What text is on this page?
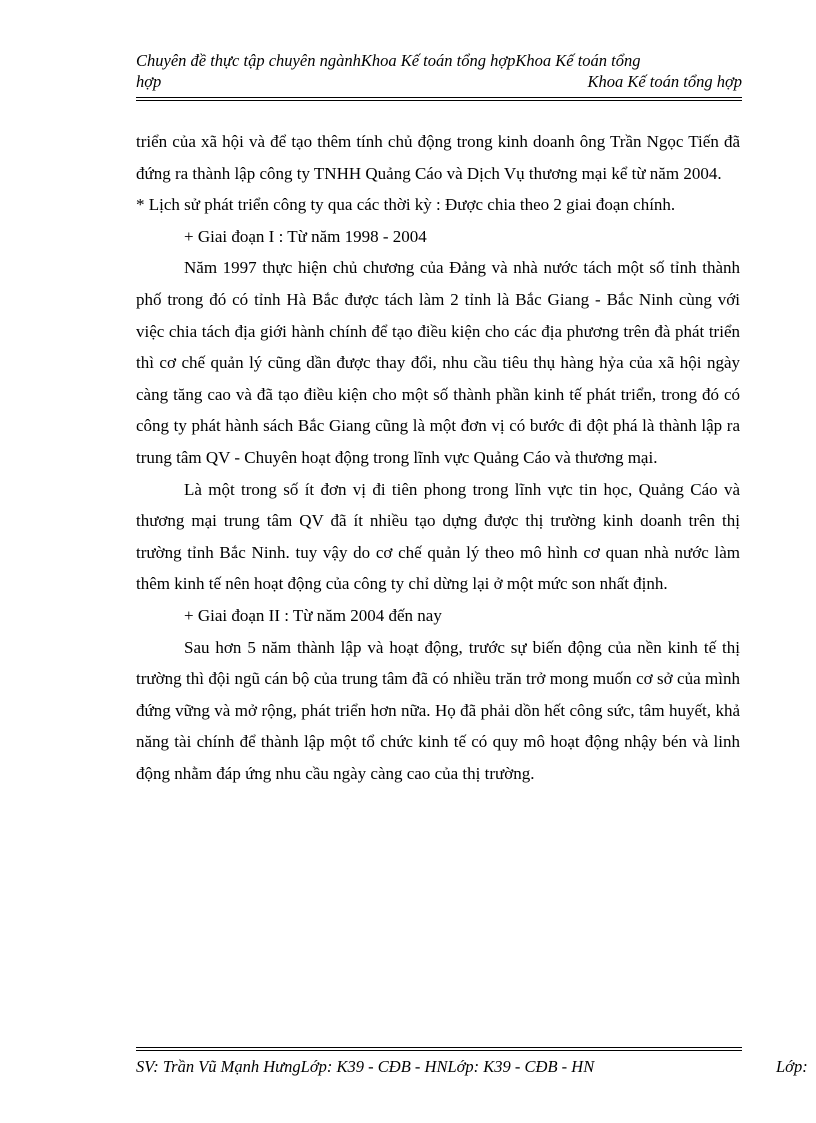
Chuyên đề thực tập chuyên ngànhKhoa Kế toán tổng hợpKhoa Kế toán tổng
hợp	Khoa Kế toán tổng hợp

triển của xã hội và để tạo thêm tính chủ động trong kinh doanh ông Trần Ngọc Tiến đã đứng ra thành lập công ty TNHH Quảng Cáo và Dịch Vụ thương mại kể từ năm 2004.

* Lịch sử phát triển công ty qua các thời kỳ : Được chia theo 2 giai đoạn chính.

+ Giai đoạn I : Từ năm 1998 - 2004

Năm 1997 thực hiện chủ chương của Đảng và nhà nước tách một số tỉnh thành phố trong đó có tỉnh Hà Bắc được tách làm 2 tỉnh là Bắc Giang - Bắc Ninh cùng với việc chia tách địa giới hành chính để tạo điều kiện cho các địa phương trên đà phát triển thì cơ chế quản lý cũng dần được thay đổi, nhu cầu tiêu thụ hàng hỷa của xã hội ngày càng tăng cao và đã tạo điều kiện cho một số thành phần kinh tế phát triển, trong đó có công ty phát hành sách Bắc Giang cũng là một đơn vị có bước đi đột phá là thành lập ra trung tâm QV - Chuyên hoạt động trong lĩnh vực Quảng Cáo và thương mại.

Là một trong số ít đơn vị đi tiên phong trong lĩnh vực tin học, Quảng Cáo và thương mại trung tâm QV đã ít nhiều tạo dựng được thị trường kinh doanh trên thị trường tỉnh Bắc Ninh. tuy vậy do cơ chế quản lý theo mô hình cơ quan nhà nước làm thêm kinh tế nên hoạt động của công ty chỉ dừng lại ở một mức son nhất định.

+ Giai đoạn II : Từ năm 2004 đến nay

Sau hơn 5 năm thành lập và hoạt động, trước sự biến động của nền kinh tế thị trường thì đội ngũ cán bộ của trung tâm đã có nhiều trăn trở mong muốn cơ sở của mình đứng vững và mở rộng, phát triển hơn nữa. Họ đã phải dồn hết công sức, tâm huyết, khả năng tài chính để thành lập một tổ chức kinh tế có quy mô hoạt động nhậy bén và linh động nhằm đáp ứng nhu cầu ngày càng cao của thị trường.

SV: Trần Vũ Mạnh HưngLớp: K39 - CĐB - HNLớp: K39 - CĐB - HN	Lớp:
